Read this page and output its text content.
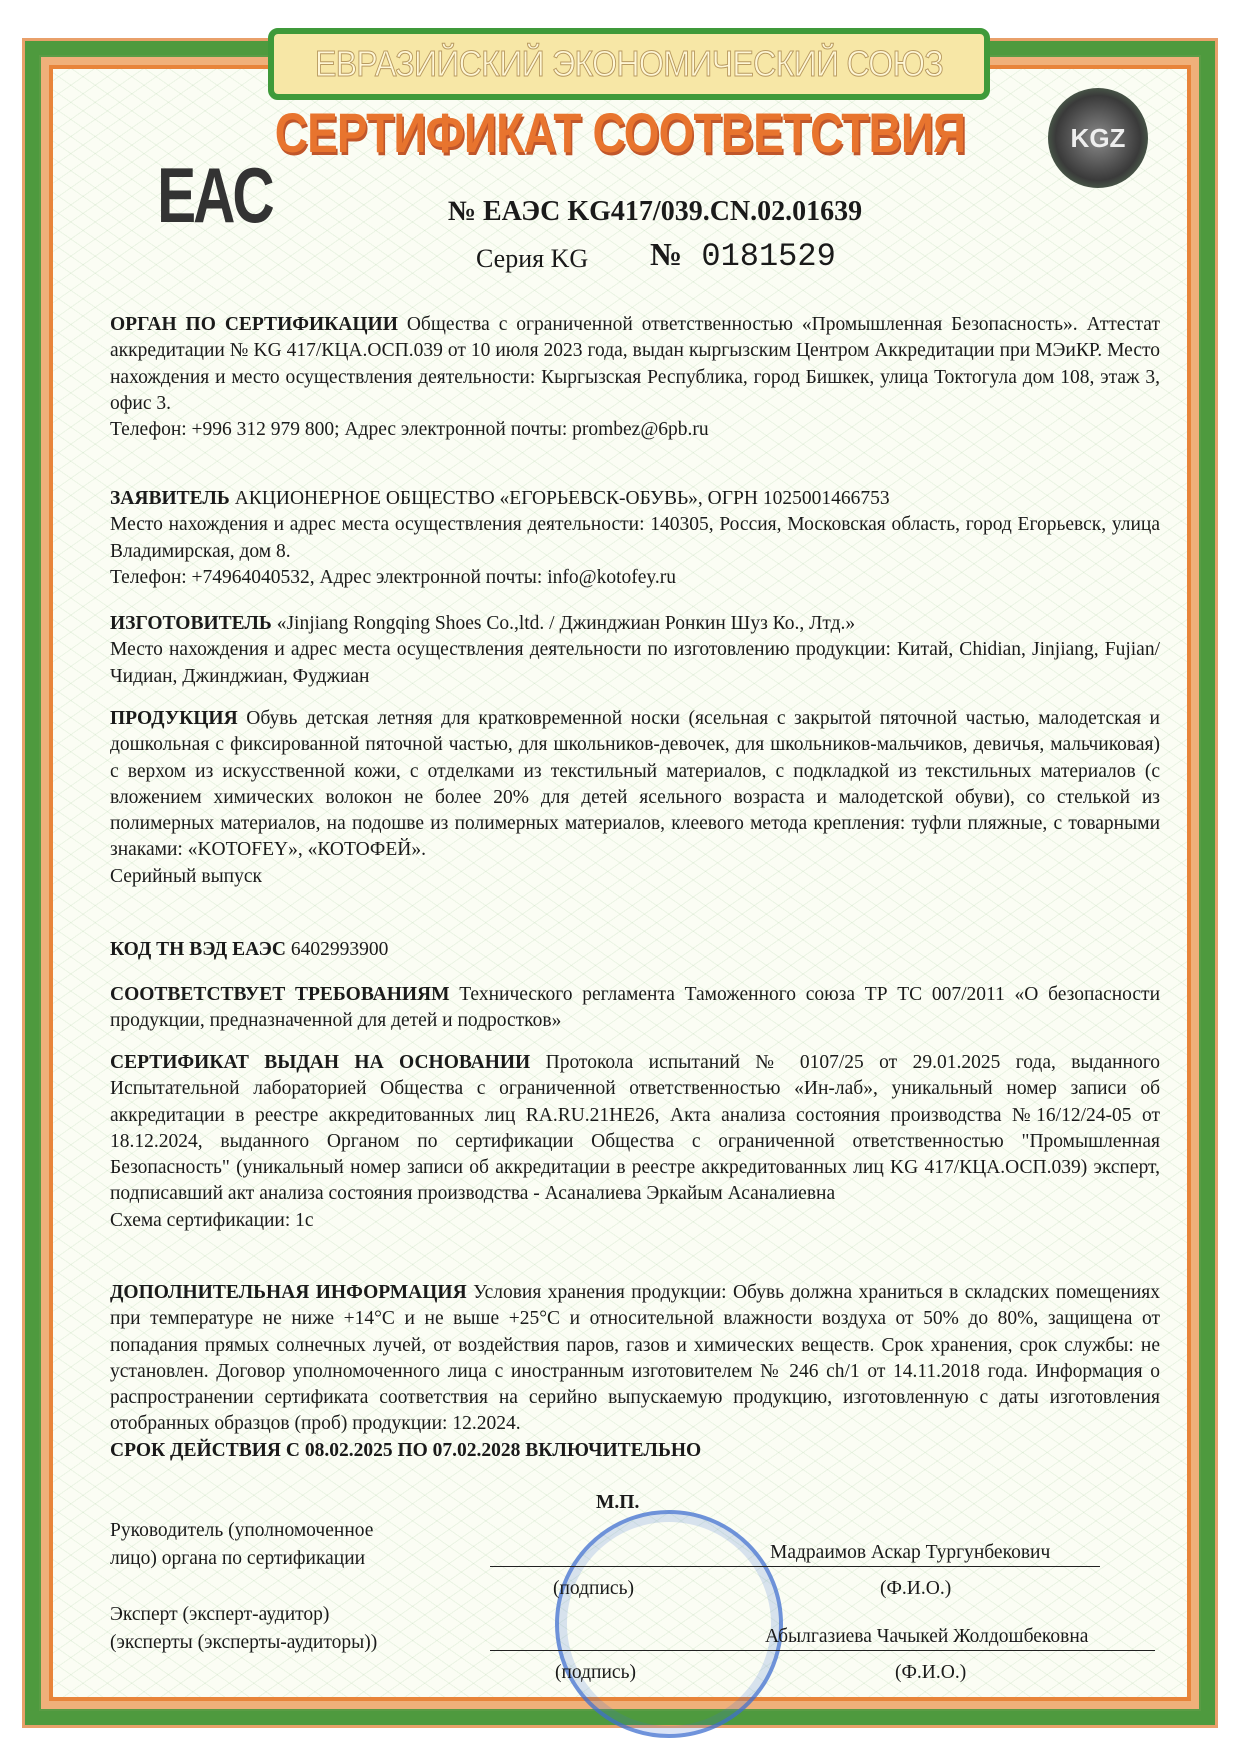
ЕВРАЗИЙСКИЙ ЭКОНОМИЧЕСКИЙ СОЮЗ
СЕРТИФИКАТ СООТВЕТСТВИЯ
EAC
KGZ
№ ЕАЭС KG417/039.CN.02.01639
Серия KG № 0181529
ОРГАН ПО СЕРТИФИКАЦИИ Общества с ограниченной ответственностью «Промышленная Безопасность». Аттестат аккредитации № KG 417/КЦА.ОСП.039 от 10 июля 2023 года, выдан кыргызским Центром Аккредитации при МЭиКР. Место нахождения и место осуществления деятельности: Кыргызская Республика, город Бишкек, улица Токтогула дом 108, этаж 3, офис 3.
Телефон: +996 312 979 800; Адрес электронной почты: prombez@6pb.ru
ЗАЯВИТЕЛЬ АКЦИОНЕРНОЕ ОБЩЕСТВО «ЕГОРЬЕВСК-ОБУВЬ», ОГРН 1025001466753
Место нахождения и адрес места осуществления деятельности: 140305, Россия, Московская область, город Егорьевск, улица Владимирская, дом 8.
Телефон: +74964040532, Адрес электронной почты: info@kotofey.ru
ИЗГОТОВИТЕЛЬ «Jinjiang Rongqing Shoes Co.,ltd. / Джинджиан Ронкин Шуз Ко., Лтд.»
Место нахождения и адрес места осуществления деятельности по изготовлению продукции: Китай, Chidian, Jinjiang, Fujian/ Чидиан, Джинджиан, Фуджиан
ПРОДУКЦИЯ Обувь детская летняя для кратковременной носки (ясельная с закрытой пяточной частью, малодетская и дошкольная с фиксированной пяточной частью, для школьников-девочек, для школьников-мальчиков, девичья, мальчиковая) с верхом из искусственной кожи, с отделками из текстильный материалов, с подкладкой из текстильных материалов (с вложением химических волокон не более 20% для детей ясельного возраста и малодетской обуви), со стелькой из полимерных материалов, на подошве из полимерных материалов, клеевого метода крепления: туфли пляжные, с товарными знаками: «KOTOFEY», «КОТОФЕЙ».
Серийный выпуск
КОД ТН ВЭД ЕАЭС 6402993900
СООТВЕТСТВУЕТ ТРЕБОВАНИЯМ Технического регламента Таможенного союза ТР ТС 007/2011 «О безопасности продукции, предназначенной для детей и подростков»
СЕРТИФИКАТ ВЫДАН НА ОСНОВАНИИ Протокола испытаний № 0107/25 от 29.01.2025 года, выданного Испытательной лабораторией Общества с ограниченной ответственностью «Ин-лаб», уникальный номер записи об аккредитации в реестре аккредитованных лиц RA.RU.21НЕ26, Акта анализа состояния производства №16/12/24-05 от 18.12.2024, выданного Органом по сертификации Общества с ограниченной ответственностью "Промышленная Безопасность" (уникальный номер записи об аккредитации в реестре аккредитованных лиц KG 417/КЦА.ОСП.039) эксперт, подписавший акт анализа состояния производства - Асаналиева Эркайым Асаналиевна
Схема сертификации: 1с
ДОПОЛНИТЕЛЬНАЯ ИНФОРМАЦИЯ Условия хранения продукции: Обувь должна храниться в складских помещениях при температуре не ниже +14°C и не выше +25°C и относительной влажности воздуха от 50% до 80%, защищена от попадания прямых солнечных лучей, от воздействия паров, газов и химических веществ. Срок хранения, срок службы: не установлен. Договор уполномоченного лица с иностранным изготовителем № 246 ch/1 от 14.11.2018 года. Информация о распространении сертификата соответствия на серийно выпускаемую продукцию, изготовленную с даты изготовления отобранных образцов (проб) продукции: 12.2024.
СРОК ДЕЙСТВИЯ С 08.02.2025 ПО 07.02.2028 ВКЛЮЧИТЕЛЬНО
М.П.
Руководитель (уполномоченное
лицо) органа по сертификации	Мадраимов Аскар Тургунбекович
(подпись)	(Ф.И.О.)
Эксперт (эксперт-аудитор)
(эксперты (эксперты-аудиторы))	Абылгазиева Чачыкей Жолдошбековна
(подпись)	(Ф.И.О.)
